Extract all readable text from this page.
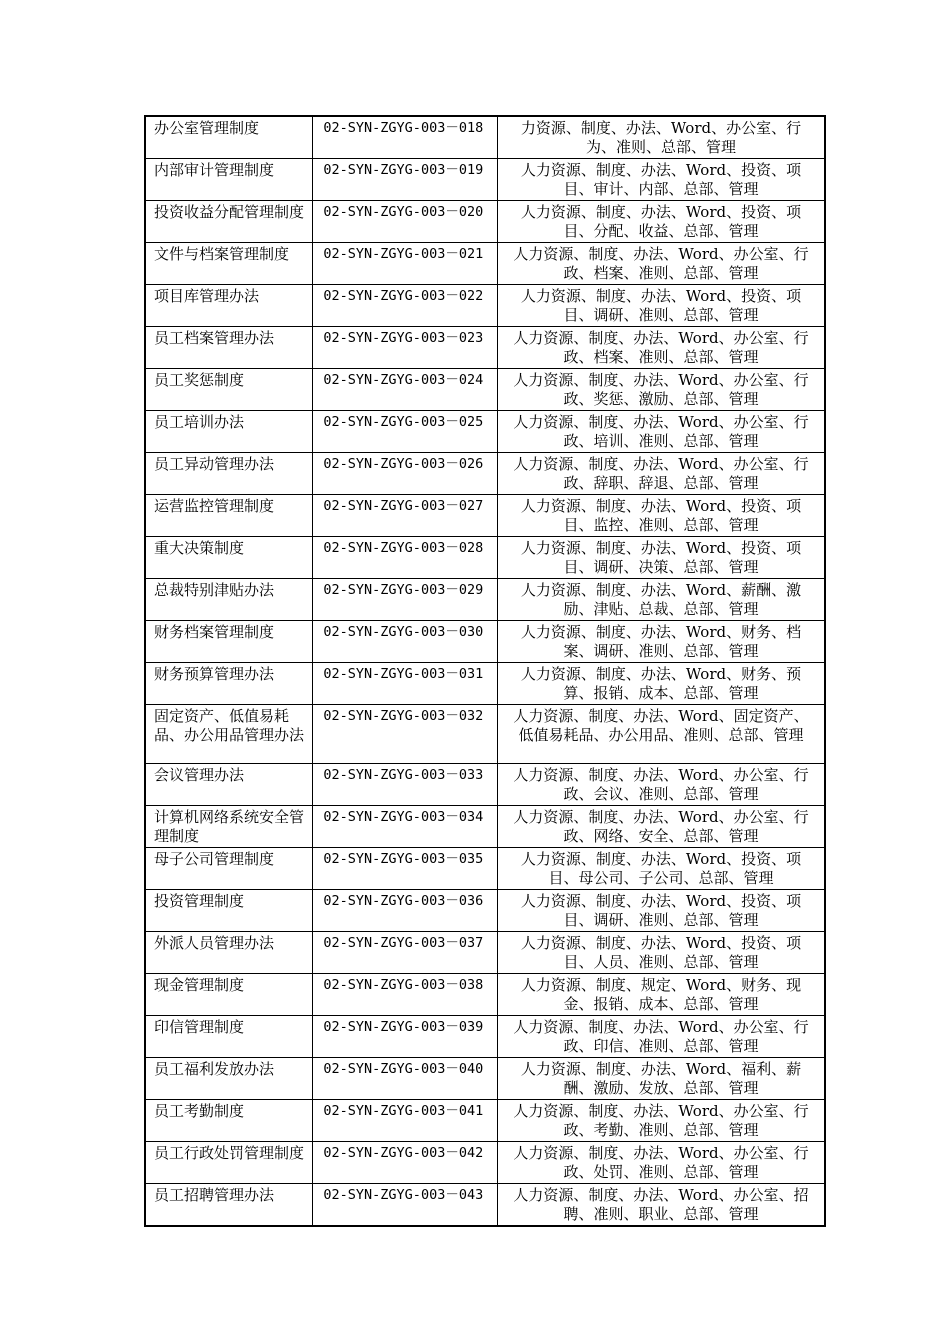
办公室管理制度	02-SYN-ZGYG-003－018	力资源、制度、办法、Word、办公室、行为、准则、总部、管理
内部审计管理制度	02-SYN-ZGYG-003－019	人力资源、制度、办法、Word、投资、项目、审计、内部、总部、管理
投资收益分配管理制度	02-SYN-ZGYG-003－020	人力资源、制度、办法、Word、投资、项目、分配、收益、总部、管理
文件与档案管理制度	02-SYN-ZGYG-003－021	人力资源、制度、办法、Word、办公室、行政、档案、准则、总部、管理
项目库管理办法	02-SYN-ZGYG-003－022	人力资源、制度、办法、Word、投资、项目、调研、准则、总部、管理
员工档案管理办法	02-SYN-ZGYG-003－023	人力资源、制度、办法、Word、办公室、行政、档案、准则、总部、管理
员工奖惩制度	02-SYN-ZGYG-003－024	人力资源、制度、办法、Word、办公室、行政、奖惩、激励、总部、管理
员工培训办法	02-SYN-ZGYG-003－025	人力资源、制度、办法、Word、办公室、行政、培训、准则、总部、管理
员工异动管理办法	02-SYN-ZGYG-003－026	人力资源、制度、办法、Word、办公室、行政、辞职、辞退、总部、管理
运营监控管理制度	02-SYN-ZGYG-003－027	人力资源、制度、办法、Word、投资、项目、监控、准则、总部、管理
重大决策制度	02-SYN-ZGYG-003－028	人力资源、制度、办法、Word、投资、项目、调研、决策、总部、管理
总裁特别津贴办法	02-SYN-ZGYG-003－029	人力资源、制度、办法、Word、薪酬、激励、津贴、总裁、总部、管理
财务档案管理制度	02-SYN-ZGYG-003－030	人力资源、制度、办法、Word、财务、档案、调研、准则、总部、管理
财务预算管理办法	02-SYN-ZGYG-003－031	人力资源、制度、办法、Word、财务、预算、报销、成本、总部、管理
固定资产、低值易耗品、办公用品管理办法	02-SYN-ZGYG-003－032	人力资源、制度、办法、Word、固定资产、低值易耗品、办公用品、准则、总部、管理
会议管理办法	02-SYN-ZGYG-003－033	人力资源、制度、办法、Word、办公室、行政、会议、准则、总部、管理
计算机网络系统安全管理制度	02-SYN-ZGYG-003－034	人力资源、制度、办法、Word、办公室、行政、网络、安全、总部、管理
母子公司管理制度	02-SYN-ZGYG-003－035	人力资源、制度、办法、Word、投资、项目、母公司、子公司、总部、管理
投资管理制度	02-SYN-ZGYG-003－036	人力资源、制度、办法、Word、投资、项目、调研、准则、总部、管理
外派人员管理办法	02-SYN-ZGYG-003－037	人力资源、制度、办法、Word、投资、项目、人员、准则、总部、管理
现金管理制度	02-SYN-ZGYG-003－038	人力资源、制度、规定、Word、财务、现金、报销、成本、总部、管理
印信管理制度	02-SYN-ZGYG-003－039	人力资源、制度、办法、Word、办公室、行政、印信、准则、总部、管理
员工福利发放办法	02-SYN-ZGYG-003－040	人力资源、制度、办法、Word、福利、薪酬、激励、发放、总部、管理
员工考勤制度	02-SYN-ZGYG-003－041	人力资源、制度、办法、Word、办公室、行政、考勤、准则、总部、管理
员工行政处罚管理制度	02-SYN-ZGYG-003－042	人力资源、制度、办法、Word、办公室、行政、处罚、准则、总部、管理
员工招聘管理办法	02-SYN-ZGYG-003－043	人力资源、制度、办法、Word、办公室、招聘、准则、职业、总部、管理
